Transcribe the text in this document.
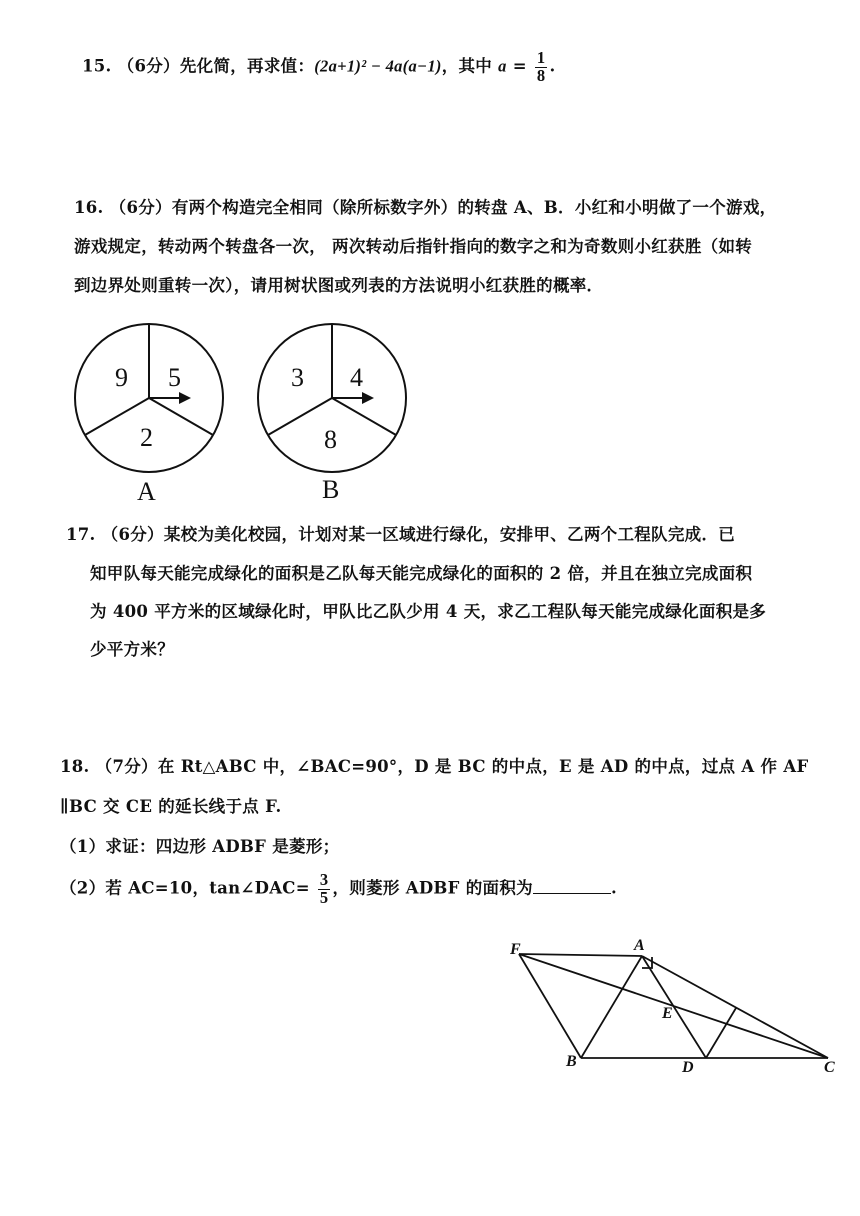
15. （6分）先化简，再求值：(2a+1)² − 4a(a−1)，其中 $a = \frac{1}{8}$ .
16. （6分）有两个构造完全相同（除所标数字外）的转盘 A、B．小红和小明做了一个游戏，
游戏规定，转动两个转盘各一次， 两次转动后指针指向的数字之和为奇数则小红获胜（如转
到边界处则重转一次），请用树状图或列表的方法说明小红获胜的概率．
9 5
2
A
3 4
8
B
17. （6分）某校为美化校园，计划对某一区域进行绿化，安排甲、乙两个工程队完成．已
知甲队每天能完成绿化的面积是乙队每天能完成绿化的面积的 2 倍，并且在独立完成面积
为 400 平方米的区域绿化时，甲队比乙队少用 4 天，求乙工程队每天能完成绿化面积是多
少平方米？
18. （7分）在 Rt△ABC 中，∠BAC=90°，D 是 BC 的中点，E 是 AD 的中点，过点 A 作 AF
∥BC 交 CE 的延长线于点 F.
（1）求证：四边形 ADBF 是菱形；
（2）若 AC=10，tan∠DAC= $\frac{3}{5}$ ，则菱形 ADBF 的面积为	.
F	A
E
B	D	C
